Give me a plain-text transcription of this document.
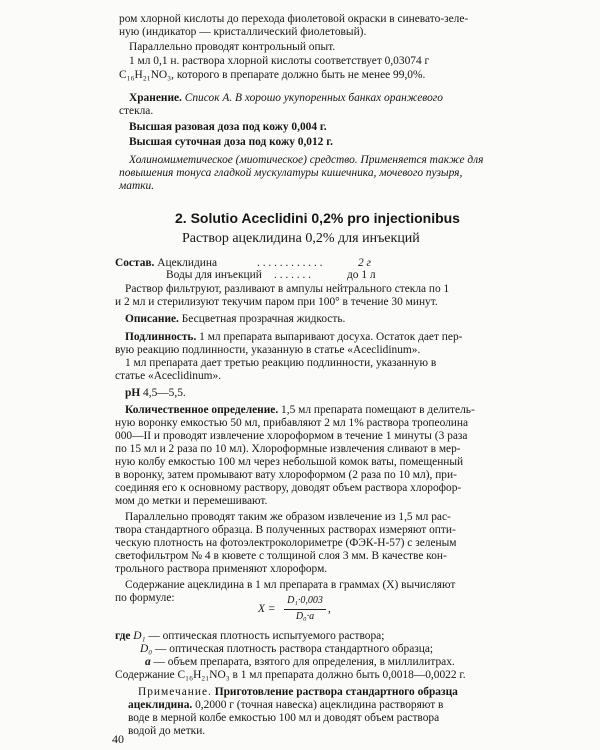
ром хлорной кислоты до перехода фиолетовой окраски в синевато-зеле-
ную (индикатор — кристаллический фиолетовый).
Параллельно проводят контрольный опыт.
1 мл 0,1 н. раствора хлорной кислоты соответствует 0,03074 г
C₁₆H₂₁NO₃, которого в препарате должно быть не менее 99,0%.
Хранение. Список А. В хорошо укупоренных банках оранжевого
стекла.
Высшая разовая доза под кожу 0,004 г.
Высшая суточная доза под кожу 0,012 г.
Холиномиметическое (миотическое) средство. Применяется также для
повышения тонуса гладкой мускулатуры кишечника, мочевого пузыря,
матки.
2. Solutio Aceclidini 0,2% pro injectionibus
Раствор ацеклидина 0,2% для инъекций
Состав. Ацеклидина	. . . . . . . . . . . .	2 г
Воды для инъекций . . . . . . .	до 1 л
Раствор фильтруют, разливают в ампулы нейтрального стекла по 1
и 2 мл и стерилизуют текучим паром при 100° в течение 30 минут.
Описание. Бесцветная прозрачная жидкость.
Подлинность. 1 мл препарата выпаривают досуха. Остаток дает пер-
вую реакцию подлинности, указанную в статье «Aceclidinum».
1 мл препарата дает третью реакцию подлинности, указанную в
статье «Aceclidinum».
pH 4,5—5,5.
Количественное определение. 1,5 мл препарата помещают в делитель-
ную воронку емкостью 50 мл, прибавляют 2 мл 1% раствора тропеолина
000—II и проводят извлечение хлороформом в течение 1 минуты (3 раза
по 15 мл и 2 раза по 10 мл). Хлороформные извлечения сливают в мер-
ную колбу емкостью 100 мл через небольшой комок ваты, помещенный
в воронку, затем промывают вату хлороформом (2 раза по 10 мл), при-
соединяя его к основному раствору, доводят объем раствора хлорофор-
мом до метки и перемешивают.
Параллельно проводят таким же образом извлечение из 1,5 мл рас-
твора стандартного образца. В полученных растворах измеряют опти-
ческую плотность на фотоэлектроколориметре (ФЭК-Н-57) с зеленым
светофильтром № 4 в кювете с толщиной слоя 3 мм. В качестве кон-
трольного раствора применяют хлороформ.
Содержание ацеклидина в 1 мл препарата в граммах (X) вычисляют
по формуле:
X =
D₁·0,003
D₀·a
,
где D₁ — оптическая плотность испытуемого раствора;
D₀ — оптическая плотность раствора стандартного образца;
a — объем препарата, взятого для определения, в миллилитрах.
Содержание C₁₆H₂₁NO₃ в 1 мл препарата должно быть 0,0018—0,0022 г.
Примечание. Приготовление раствора стандартного образца
ацеклидина. 0,2000 г (точная навеска) ацеклидина растворяют в
воде в мерной колбе емкостью 100 мл и доводят объем раствора
водой до метки.
40
